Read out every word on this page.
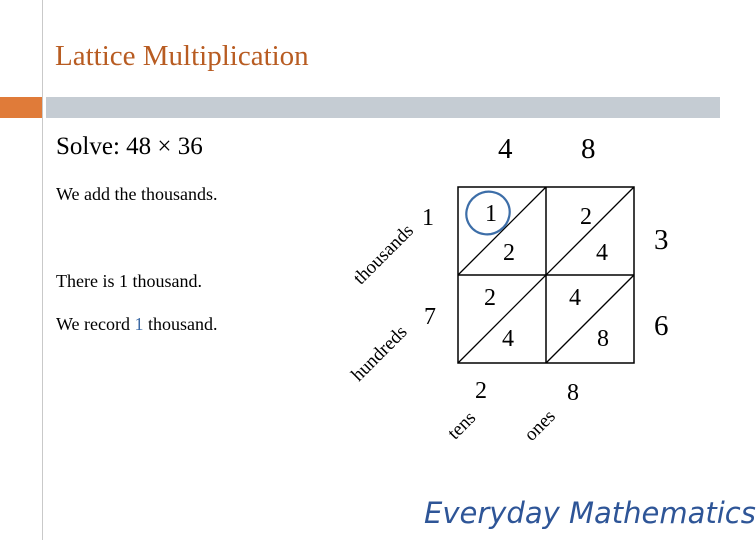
Lattice Multiplication
Solve: 48 × 36
We add the thousands.
There is 1 thousand.
We record 1 thousand.
4 8
3
6
1
2
2
4
2
4
4
8
1
7
2	8
thousands
hundreds
tens ones
Everyday Mathematics
